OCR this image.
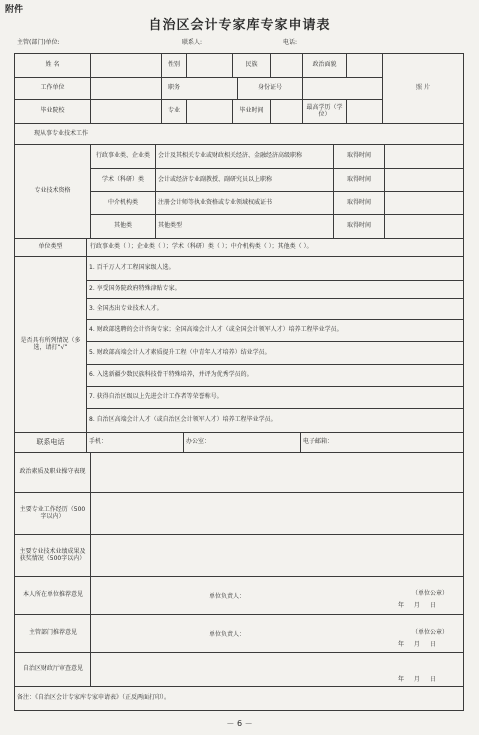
附件
自治区会计专家库专家申请表
主管(部门)单位:	联系人:	电话:
姓 名	性别	民族	政治面貌
照 片
工作单位	职务	身份证号
毕业院校	专业	毕业时间	最高学历（学位）
现从事专业技术工作
专业技术资格
行政事业类、企业类	会计及其相关专业或财政相关经济、金融经济高级职称	取得时间
学术（科研）类	会计或经济专业副教授、副研究员以上职称	取得时间
中介机构类	注册会计师等执业资格或专业领域权威证书	取得时间
其他类	其他类型	取得时间
单位类型	行政事业类（ ）；企业类（ ）；学术（科研）类（ ）；中介机构类（ ）；其他类（ ）。
是否具有所列情况（多选，请打“√”
1. 百千万人才工程国家级人选。
2. 享受国务院政府特殊津贴专家。
3. 全国杰出专业技术人才。
4. 财政部选聘的会计咨询专家；全国高端会计人才（或全国会计领军人才）培养工程毕业学员。
5. 财政部高端会计人才素质提升工程（中青年人才培养）结业学员。
6. 入选新疆少数民族科技骨干特殊培养，并评为优秀学员的。
7. 获得自治区级以上先进会计工作者等荣誉称号。
8. 自治区高端会计人才（或自治区会计领军人才）培养工程毕业学员。
联系电话	手机：	办公室：	电子邮箱：
政治素质及职业操守表现
主要专业工作经历（500字以内）
主要专业技术业绩成果及获奖情况（500字以内）
本人所在单位推荐意见	单位负责人：	（单位公章）
年 月 日
主管部门推荐意见	单位负责人：	（单位公章）
年 月 日
自治区财政厅审查意见
年 月 日
备注：《自治区会计专家库专家申请表》（正反两面打印）。
－ 6 －
